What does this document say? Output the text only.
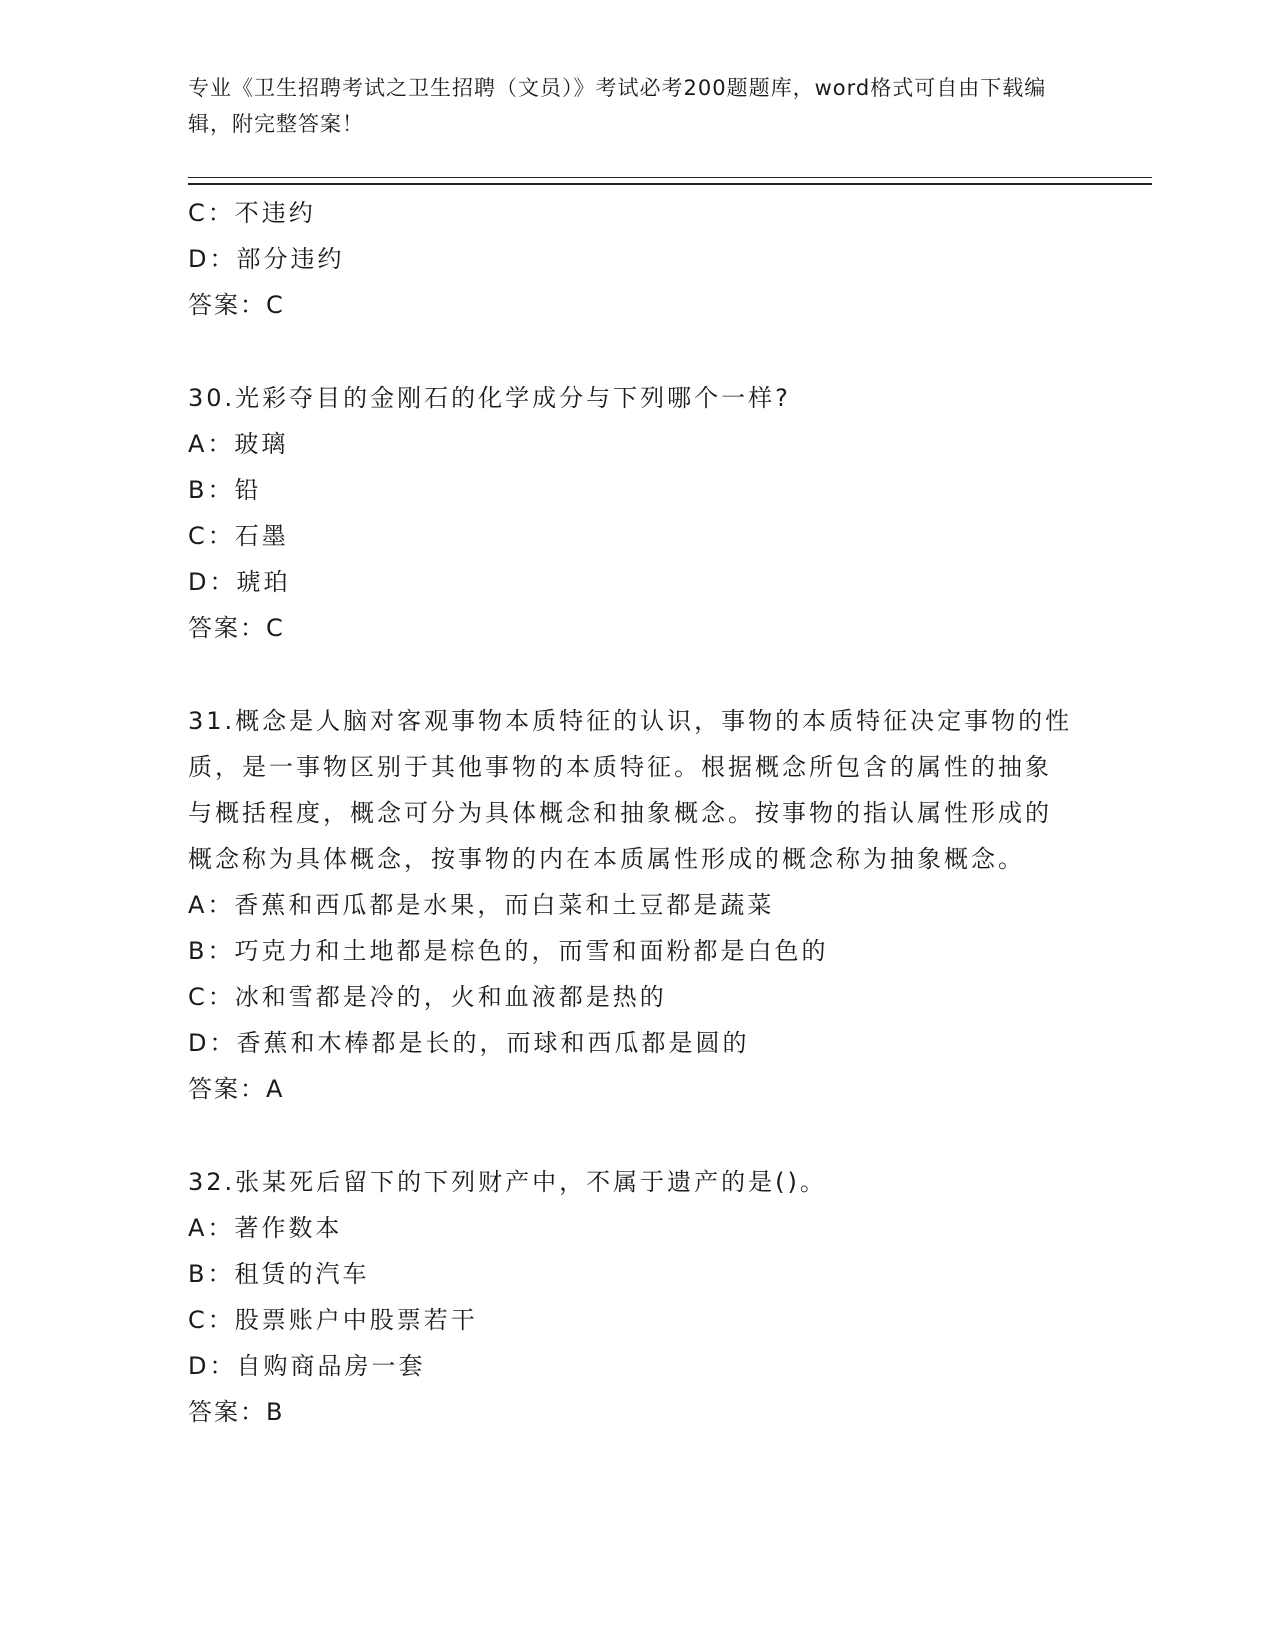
专业《卫生招聘考试之卫生招聘（文员）》考试必考200题题库，word格式可自由下载编辑，附完整答案！
C：不违约
D：部分违约
答案：C
30.光彩夺目的金刚石的化学成分与下列哪个一样?
A：玻璃
B：铅
C：石墨
D：琥珀
答案：C
31.概念是人脑对客观事物本质特征的认识，事物的本质特征决定事物的性质，是一事物区别于其他事物的本质特征。根据概念所包含的属性的抽象与概括程度，概念可分为具体概念和抽象概念。按事物的指认属性形成的概念称为具体概念，按事物的内在本质属性形成的概念称为抽象概念。
A：香蕉和西瓜都是水果，而白菜和土豆都是蔬菜
B：巧克力和土地都是棕色的，而雪和面粉都是白色的
C：冰和雪都是冷的，火和血液都是热的
D：香蕉和木棒都是长的，而球和西瓜都是圆的
答案：A
32.张某死后留下的下列财产中，不属于遗产的是()。
A：著作数本
B：租赁的汽车
C：股票账户中股票若干
D：自购商品房一套
答案：B
